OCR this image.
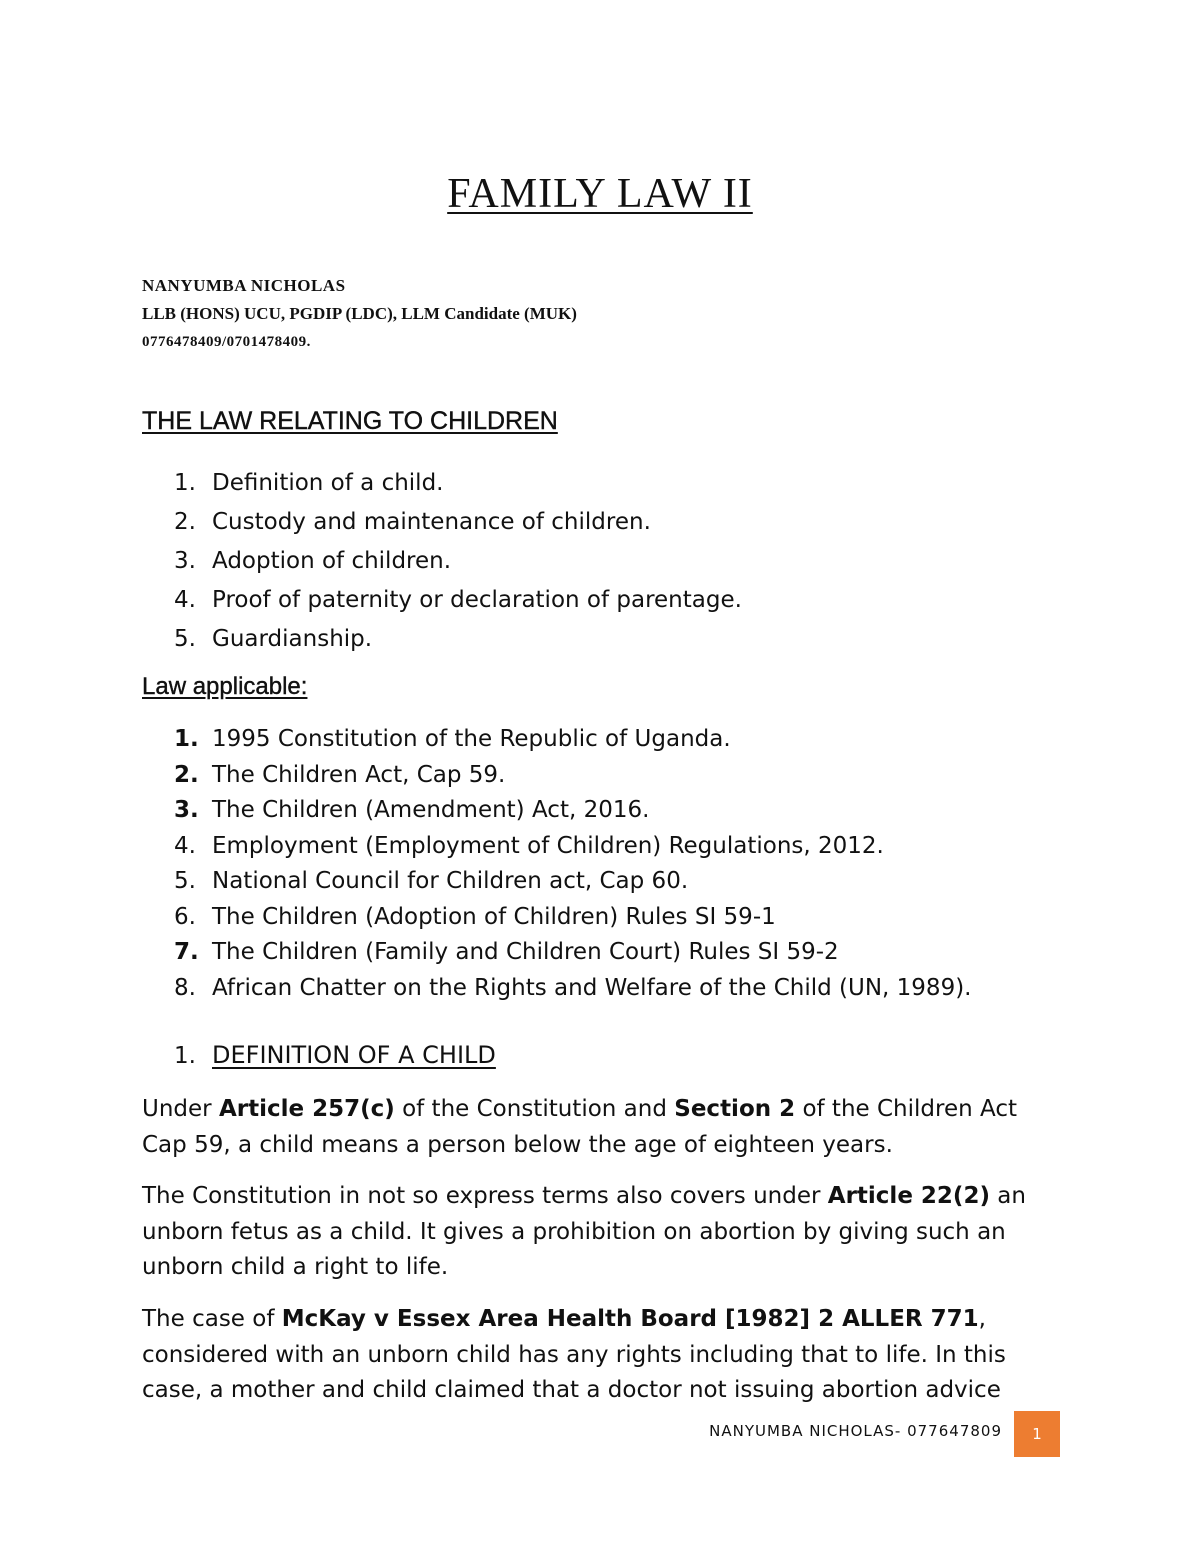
FAMILY LAW II
NANYUMBA NICHOLAS
LLB (HONS) UCU, PGDIP (LDC), LLM Candidate (MUK)
0776478409/0701478409.
THE LAW RELATING TO CHILDREN
1. Definition of a child.
2. Custody and maintenance of children.
3. Adoption of children.
4. Proof of paternity or declaration of parentage.
5. Guardianship.
Law applicable:
1. 1995 Constitution of the Republic of Uganda.
2. The Children Act, Cap 59.
3. The Children (Amendment) Act, 2016.
4. Employment (Employment of Children) Regulations, 2012.
5. National Council for Children act, Cap 60.
6. The Children (Adoption of Children) Rules SI 59-1
7. The Children (Family and Children Court) Rules SI 59-2
8. African Chatter on the Rights and Welfare of the Child (UN, 1989).
1. DEFINITION OF A CHILD

Under Article 257(c) of the Constitution and Section 2 of the Children Act Cap 59, a child means a person below the age of eighteen years.

The Constitution in not so express terms also covers under Article 22(2) an unborn fetus as a child. It gives a prohibition on abortion by giving such an unborn child a right to life.

The case of McKay v Essex Area Health Board [1982] 2 ALLER 771, considered with an unborn child has any rights including that to life. In this case, a mother and child claimed that a doctor not issuing abortion advice

NANYUMBA NICHOLAS- 077647809	1
